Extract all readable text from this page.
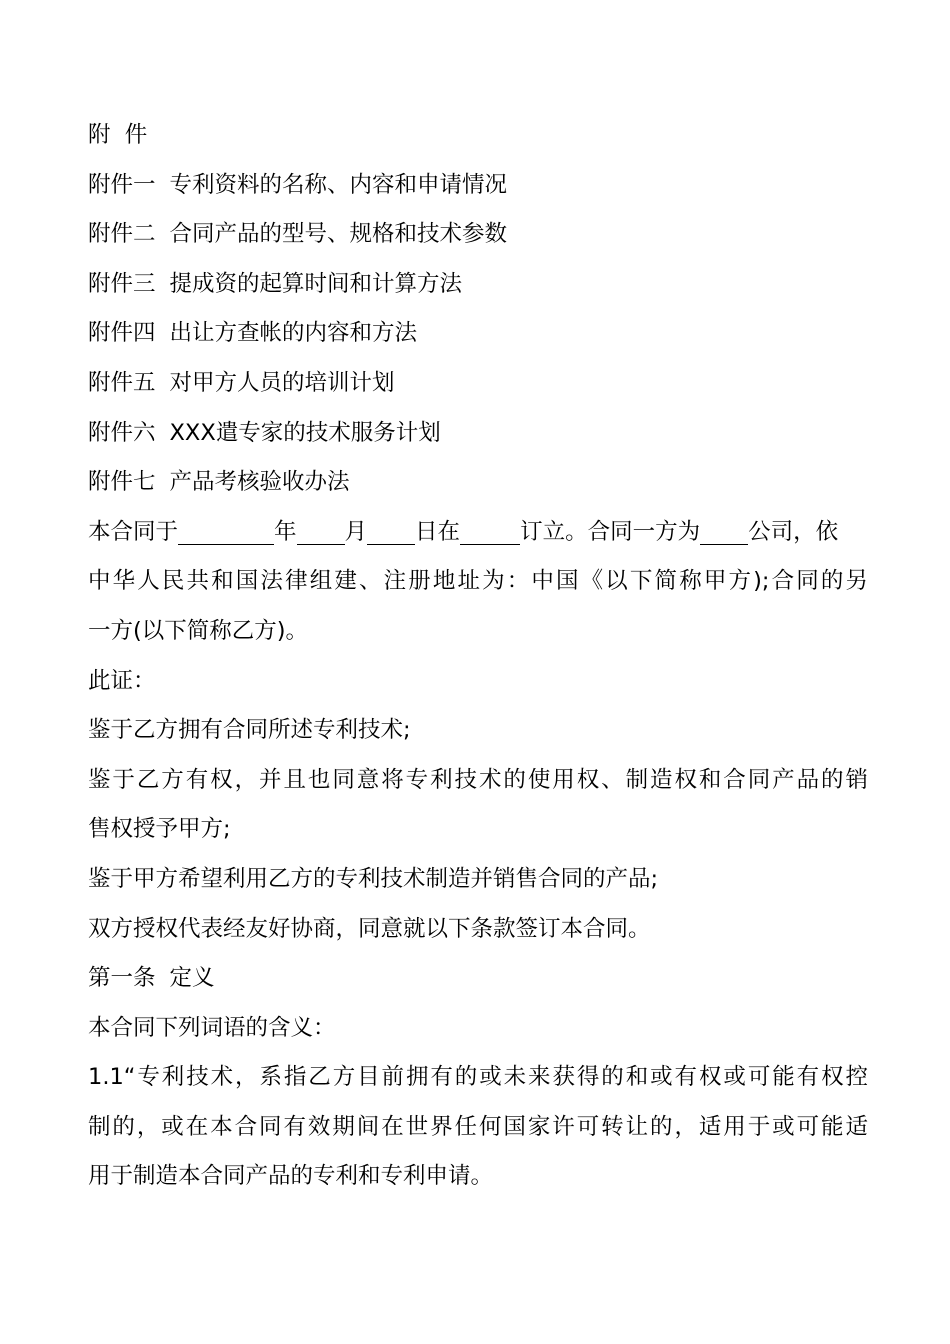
附  件
附件一 专利资料的名称、内容和申请情况
附件二 合同产品的型号、规格和技术参数
附件三 提成资的起算时间和计算方法
附件四 出让方查帐的内容和方法
附件五 对甲方人员的培训计划
附件六 XXX遣专家的技术服务计划
附件七 产品考核验收办法
本合同于	年 月 日在	订立。合同一方为 公司，依
中华人民共和国法律组建、注册地址为：中国《以下简称甲方);合同的另
一方(以下简称乙方)。
此证：
鉴于乙方拥有合同所述专利技术;
鉴于乙方有权，并且也同意将专利技术的使用权、制造权和合同产品的销
售权授予甲方;
鉴于甲方希望利用乙方的专利技术制造并销售合同的产品;
双方授权代表经友好协商，同意就以下条款签订本合同。
第一条 定义
本合同下列词语的含义：
1.1“专利技术，系指乙方目前拥有的或未来获得的和或有权或可能有权控
制的，或在本合同有效期间在世界任何国家许可转让的，适用于或可能适
用于制造本合同产品的专利和专利申请。
